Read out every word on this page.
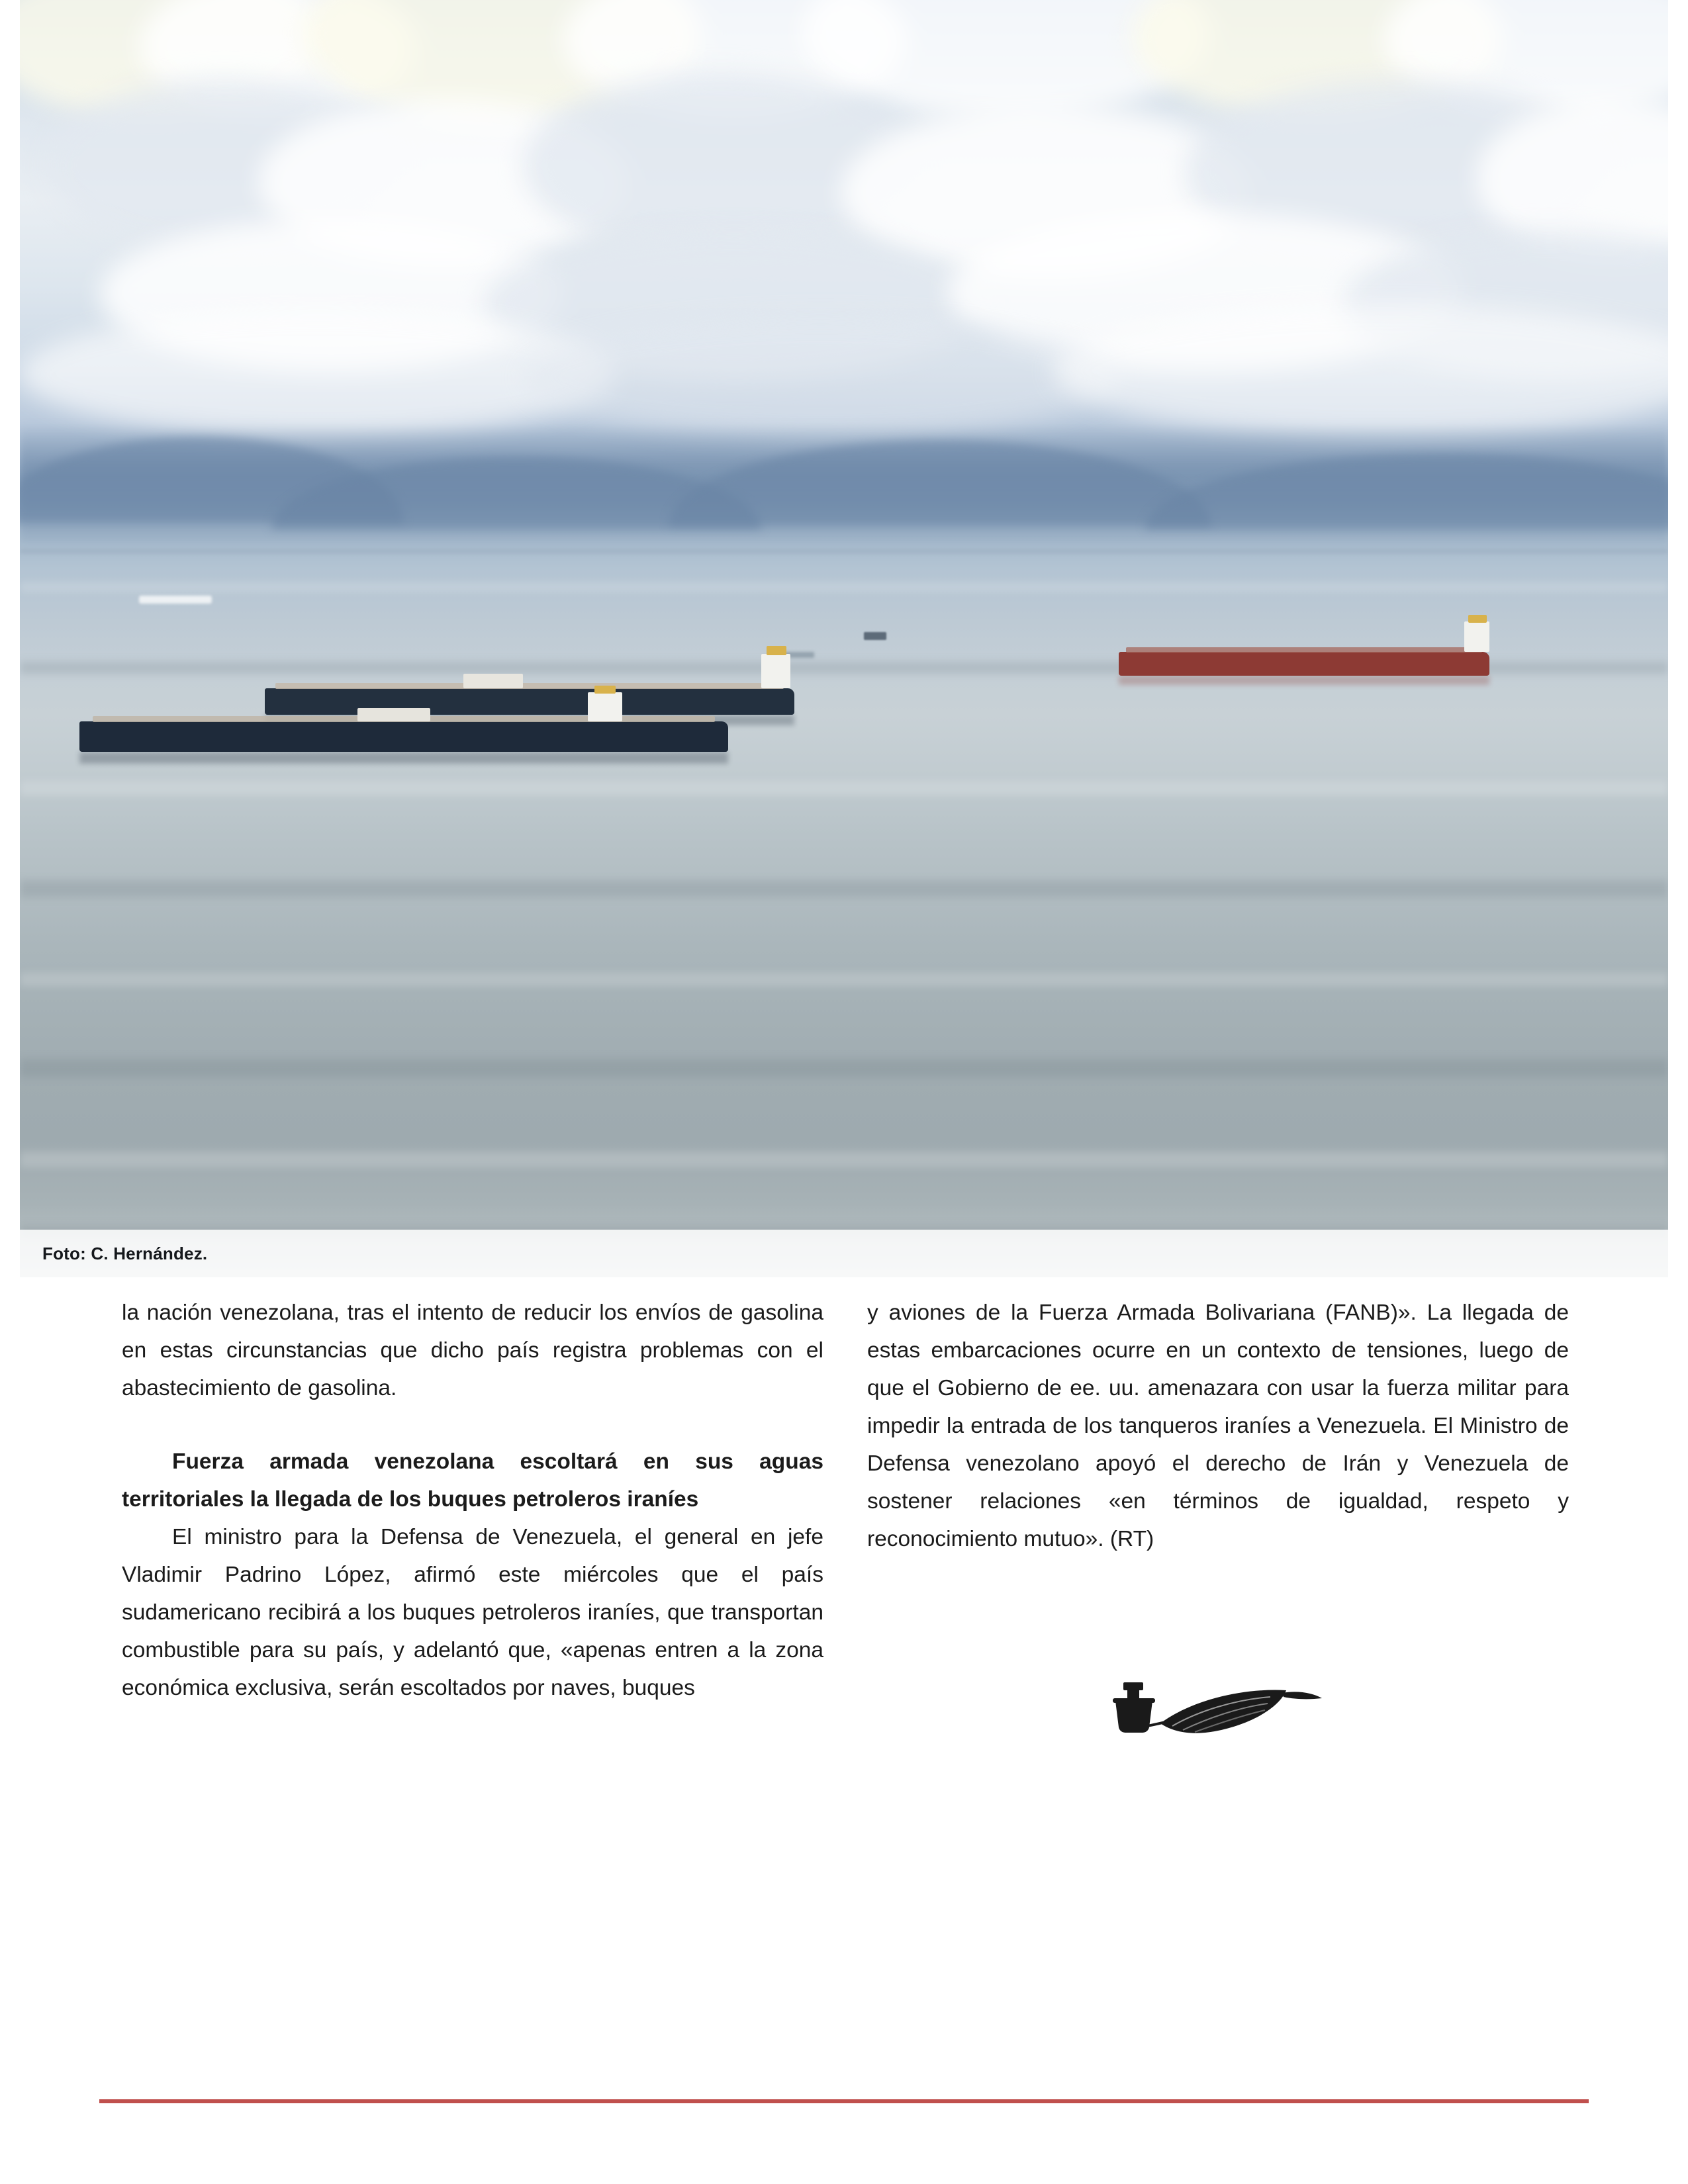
Foto: C. Hernández.

la nación venezolana, tras el intento de reducir los envíos de gasolina en estas circunstancias que dicho país registra problemas con el abastecimiento de gasolina.

Fuerza armada venezolana escoltará en sus aguas territoriales la llegada de los buques petroleros iraníes

El ministro para la Defensa de Venezuela, el general en jefe Vladimir Padrino López, afirmó este miércoles que el país sudamericano recibirá a los buques petroleros iraníes, que transportan combustible para su país, y adelantó que, «apenas entren a la zona económica exclusiva, serán escoltados por naves, buques

y aviones de la Fuerza Armada Bolivariana (FANB)». La llegada de estas embarcaciones ocurre en un contexto de tensiones, luego de que el Gobierno de ee. uu. amenazara con usar la fuerza militar para impedir la entrada de los tanqueros iraníes a Venezuela. El Ministro de Defensa venezolano apoyó el derecho de Irán y Venezuela de sostener relaciones «en términos de igualdad, respeto y reconocimiento mutuo». (RT)
